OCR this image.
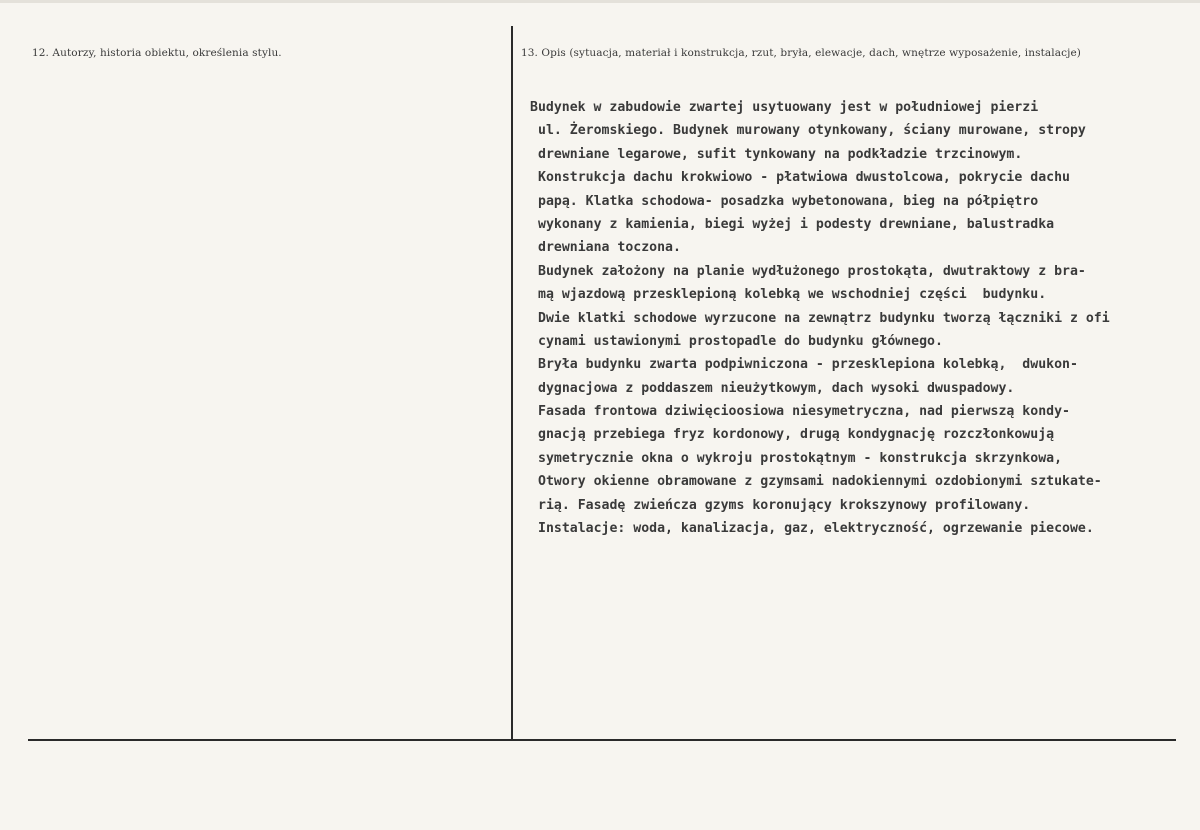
12. Autorzy, historia obiektu, określenia stylu.	13. Opis (sytuacja, materiał i konstrukcja, rzut, bryła, elewacje, dach, wnętrze wyposażenie, instalacje)
Budynek w zabudowie zwartej usytuowany jest w południowej pierzi
ul. Żeromskiego. Budynek murowany otynkowany, ściany murowane, stropy
drewniane legarowe, sufit tynkowany na podkładzie trzcinowym.
Konstrukcja dachu krokwiowo - płatwiowa dwustolcowa, pokrycie dachu
papą. Klatka schodowa- posadzka wybetonowana, bieg na półpiętro
wykonany z kamienia, biegi wyżej i podesty drewniane, balustradka
drewniana toczona.
Budynek założony na planie wydłużonego prostokąta, dwutraktowy z bra-
mą wjazdową przesklepioną kolebką we wschodniej części  budynku.
Dwie klatki schodowe wyrzucone na zewnątrz budynku tworzą łączniki z ofi
cynami ustawionymi prostopadle do budynku głównego.
Bryła budynku zwarta podpiwniczona - przesklepiona kolebką,  dwukon-
dygnacjowa z poddaszem nieużytkowym, dach wysoki dwuspadowy.
Fasada frontowa dziwięcioosiowa niesymetryczna, nad pierwszą kondy-
gnacją przebiega fryz kordonowy, drugą kondygnację rozczłonkowują
symetrycznie okna o wykroju prostokątnym - konstrukcja skrzynkowa,
Otwory okienne obramowane z gzymsami nadokiennymi ozdobionymi sztukate-
rią. Fasadę zwieńcza gzyms koronujący krokszynowy profilowany.
Instalacje: woda, kanalizacja, gaz, elektryczność, ogrzewanie piecowe.
